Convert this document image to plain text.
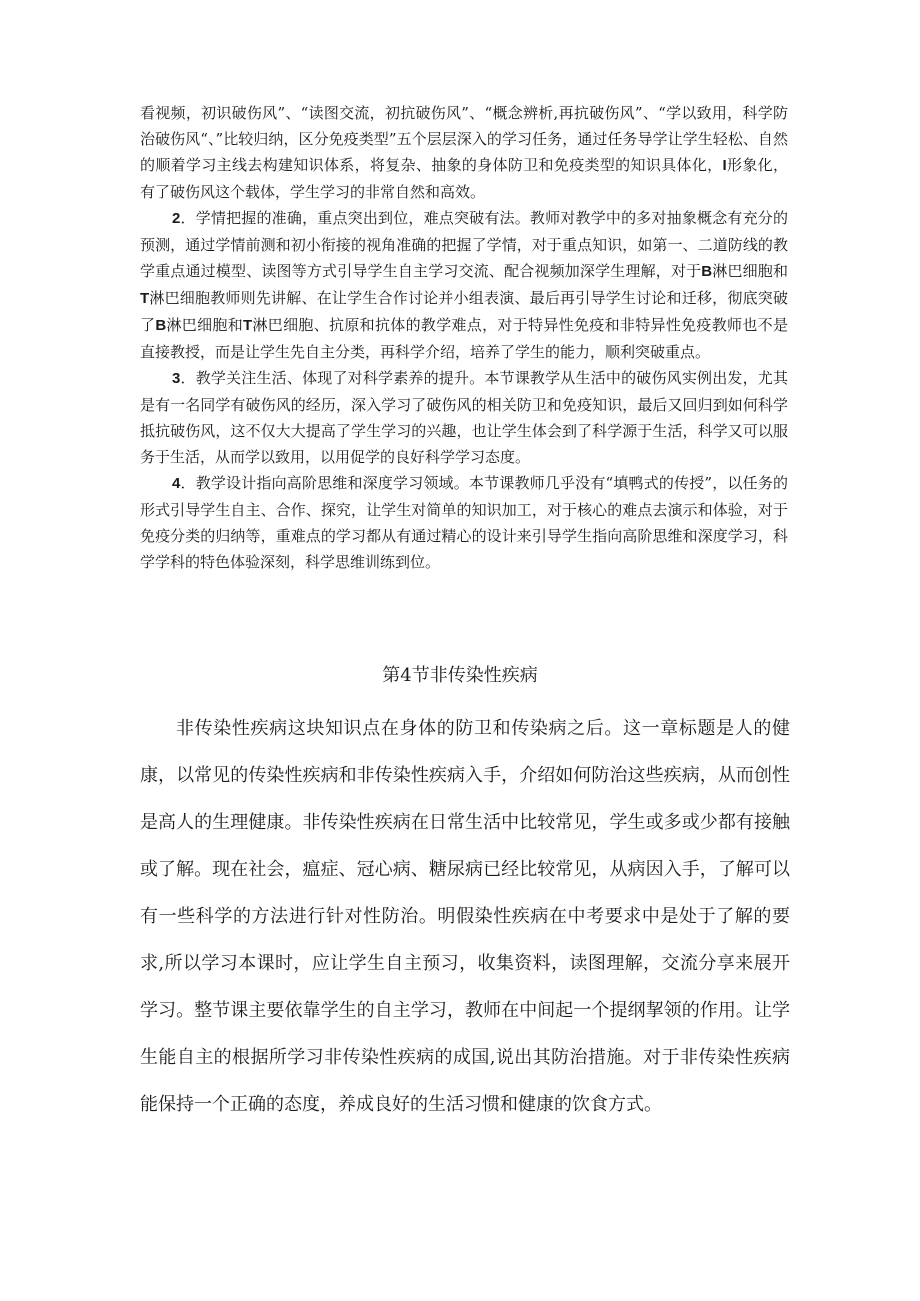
看视频，初识破伤风”、“读图交流，初抗破伤风”、“概念辨析,再抗破伤风”、“学以致用，科学防治破伤风“、”比较归纳，区分免疫类型”五个层层深入的学习任务，通过任务导学让学生轻松、自然的顺着学习主线去构建知识体系，将复杂、抽象的身体防卫和免疫类型的知识具体化，I形象化，有了破伤风这个载体，学生学习的非常自然和高效。

2．学情把握的准确，重点突出到位，难点突破有法。教师对教学中的多对抽象概念有充分的预测，通过学情前测和初小衔接的视角准确的把握了学情，对于重点知识，如第一、二道防线的教学重点通过模型、读图等方式引导学生自主学习交流、配合视频加深学生理解，对于B淋巴细胞和T淋巴细胞教师则先讲解、在让学生合作讨论并小组表演、最后再引导学生讨论和迁移，彻底突破了B淋巴细胞和T淋巴细胞、抗原和抗体的教学难点，对于特异性免疫和非特异性免疫教师也不是直接教授，而是让学生先自主分类，再科学介绍，培养了学生的能力，顺利突破重点。

3．教学关注生活、体现了对科学素养的提升。本节课教学从生活中的破伤风实例出发，尤其是有一名同学有破伤风的经历，深入学习了破伤风的相关防卫和免疫知识，最后又回归到如何科学抵抗破伤风，这不仅大大提高了学生学习的兴趣，也让学生体会到了科学源于生活，科学又可以服务于生活，从而学以致用，以用促学的良好科学学习态度。

4．教学设计指向高阶思维和深度学习领域。本节课教师几乎没有“填鸭式的传授”，以任务的形式引导学生自主、合作、探究，让学生对简单的知识加工，对于核心的难点去演示和体验，对于免疫分类的归纳等，重难点的学习都从有通过精心的设计来引导学生指向高阶思维和深度学习，科学学科的特色体验深刻，科学思维训练到位。

第4节非传染性疾病

非传染性疾病这块知识点在身体的防卫和传染病之后。这一章标题是人的健康，以常见的传染性疾病和非传染性疾病入手，介绍如何防治这些疾病，从而创性是高人的生理健康。非传染性疾病在日常生活中比较常见，学生或多或少都有接触或了解。现在社会，瘟症、冠心病、糖尿病已经比较常见，从病因入手，了解可以有一些科学的方法进行针对性防治。明假染性疾病在中考要求中是处于了解的要求,所以学习本课时，应让学生自主预习，收集资料，读图理解，交流分享来展开学习。整节课主要依靠学生的自主学习，教师在中间起一个提纲挈领的作用。让学生能自主的根据所学习非传染性疾病的成国,说出其防治措施。对于非传染性疾病能保持一个正确的态度，养成良好的生活习惯和健康的饮食方式。
